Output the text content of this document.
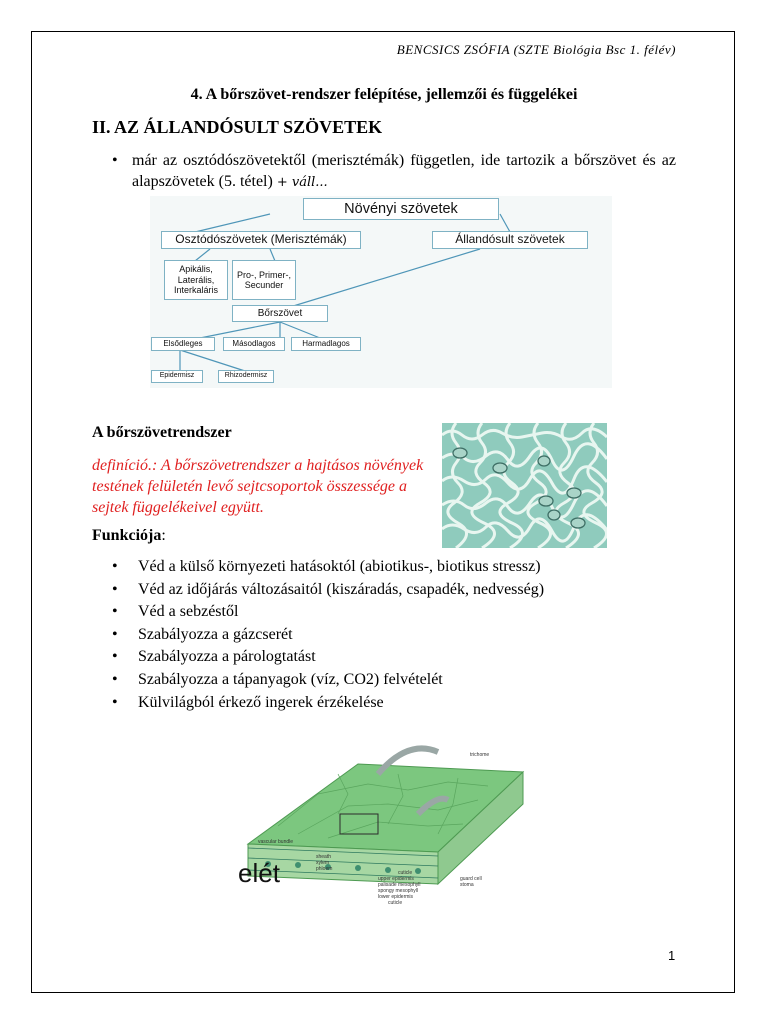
BENCSICS ZSÓFIA (SZTE Biológia Bsc 1. félév)
4. A bőrszövet-rendszer felépítése, jellemzői és függelékei
II. AZ ÁLLANDÓSULT SZÖVETEK
• már az osztódószövetektől (merisztémák) független, ide tartozik a bőrszövet és az alapszövetek (5. tétel) + váll...
Növényi szövetek
Osztódószövetek (Merisztémák)	Állandósult szövetek
Apikális, Laterális, Interkaláris
Pro-, Primer-, Secunder
Bőrszövet
Elsődleges	Másodlagos	Harmadlagos
Epidermisz	Rhizodermisz
A bőrszövetrendszer
definíció.: A bőrszövetrendszer a hajtásos növények testének felületén levő sejtcsoportok összessége a sejtek függelékeivel együtt.
Funkciója:
• Véd a külső környezeti hatásoktól (abiotikus-, biotikus stressz)
• Véd az időjárás változásaitól (kiszáradás, csapadék, nedvesség)
• Véd a sebzéstől
• Szabályozza a gázcserét
• Szabályozza a párologtatást
• Szabályozza a tápanyagok (víz, CO2) felvételét
• Külvilágból érkező ingerek érzékelése
trichome
vascular bundle
sheath
xylem
phloem
cuticle
upper epidermis
palisade mesophyll
spongy mesophyll
lower epidermis
cuticle
guard cell
stoma
elét
1
